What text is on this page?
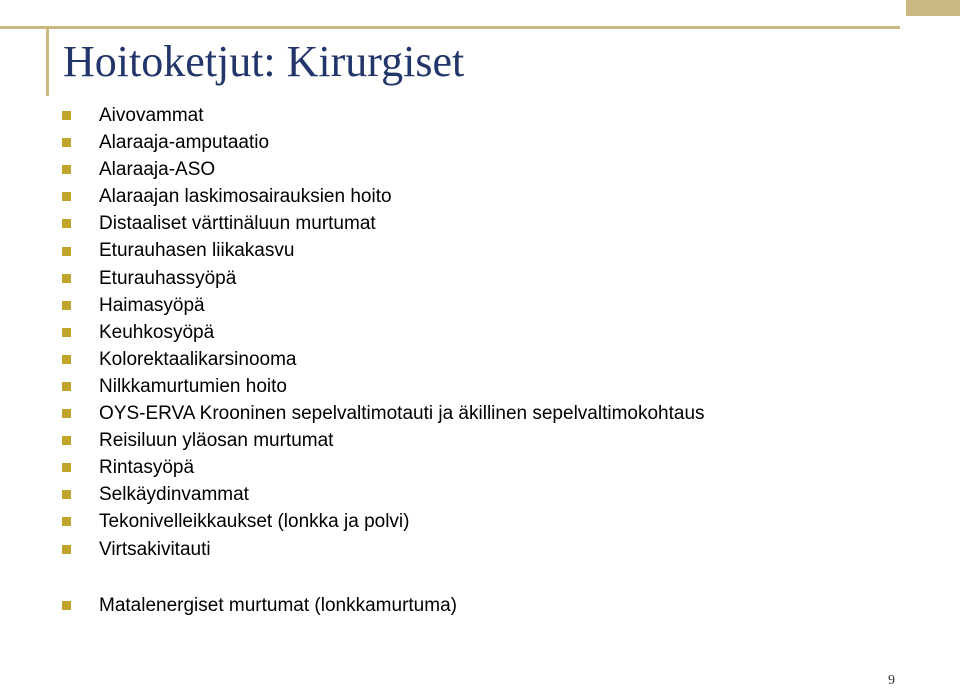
Hoitoketjut: Kirurgiset
Aivovammat
Alaraaja-amputaatio
Alaraaja-ASO
Alaraajan laskimosairauksien hoito
Distaaliset värttinäluun murtumat
Eturauhasen liikakasvu
Eturauhassyöpä
Haimasyöpä
Keuhkosyöpä
Kolorektaalikarsinooma
Nilkkamurtumien hoito
OYS-ERVA Krooninen sepelvaltimotauti ja äkillinen sepelvaltimokohtaus
Reisiluun yläosan murtumat
Rintasyöpä
Selkäydinvammat
Tekonivelleikkaukset (lonkka ja polvi)
Virtsakivitauti
Matalenergiset murtumat (lonkkamurtuma)
9
